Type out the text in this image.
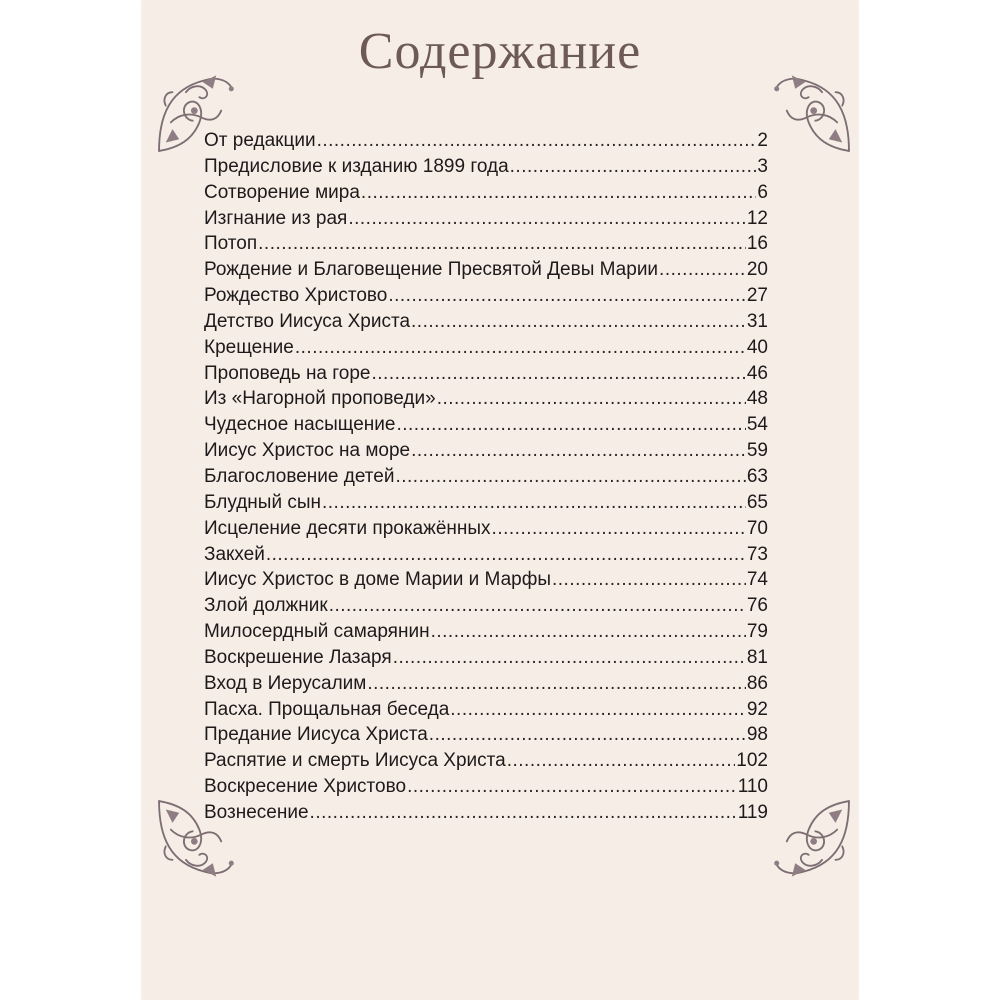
Содержание
От редакции .....	2
Предисловие к изданию 1899 года .....	3
Сотворение мира .....	6
Изгнание из рая .....	12
Потоп .....	16
Рождение и Благовещение Пресвятой Девы Марии .....	20
Рождество Христово .....	27
Детство Иисуса Христа .....	31
Крещение .....	40
Проповедь на горе .....	46
Из «Нагорной проповеди» .....	48
Чудесное насыщение .....	54
Иисус Христос на море .....	59
Благословение детей .....	63
Блудный сын .....	65
Исцеление десяти прокажённых .....	70
Закхей .....	73
Иисус Христос в доме Марии и Марфы .....	74
Злой должник .....	76
Милосердный самарянин .....	79
Воскрешение Лазаря .....	81
Вход в Иерусалим .....	86
Пасха. Прощальная беседа .....	92
Предание Иисуса Христа .....	98
Распятие и смерть Иисуса Христа .....	102
Воскресение Христово .....	110
Вознесение .....	119
